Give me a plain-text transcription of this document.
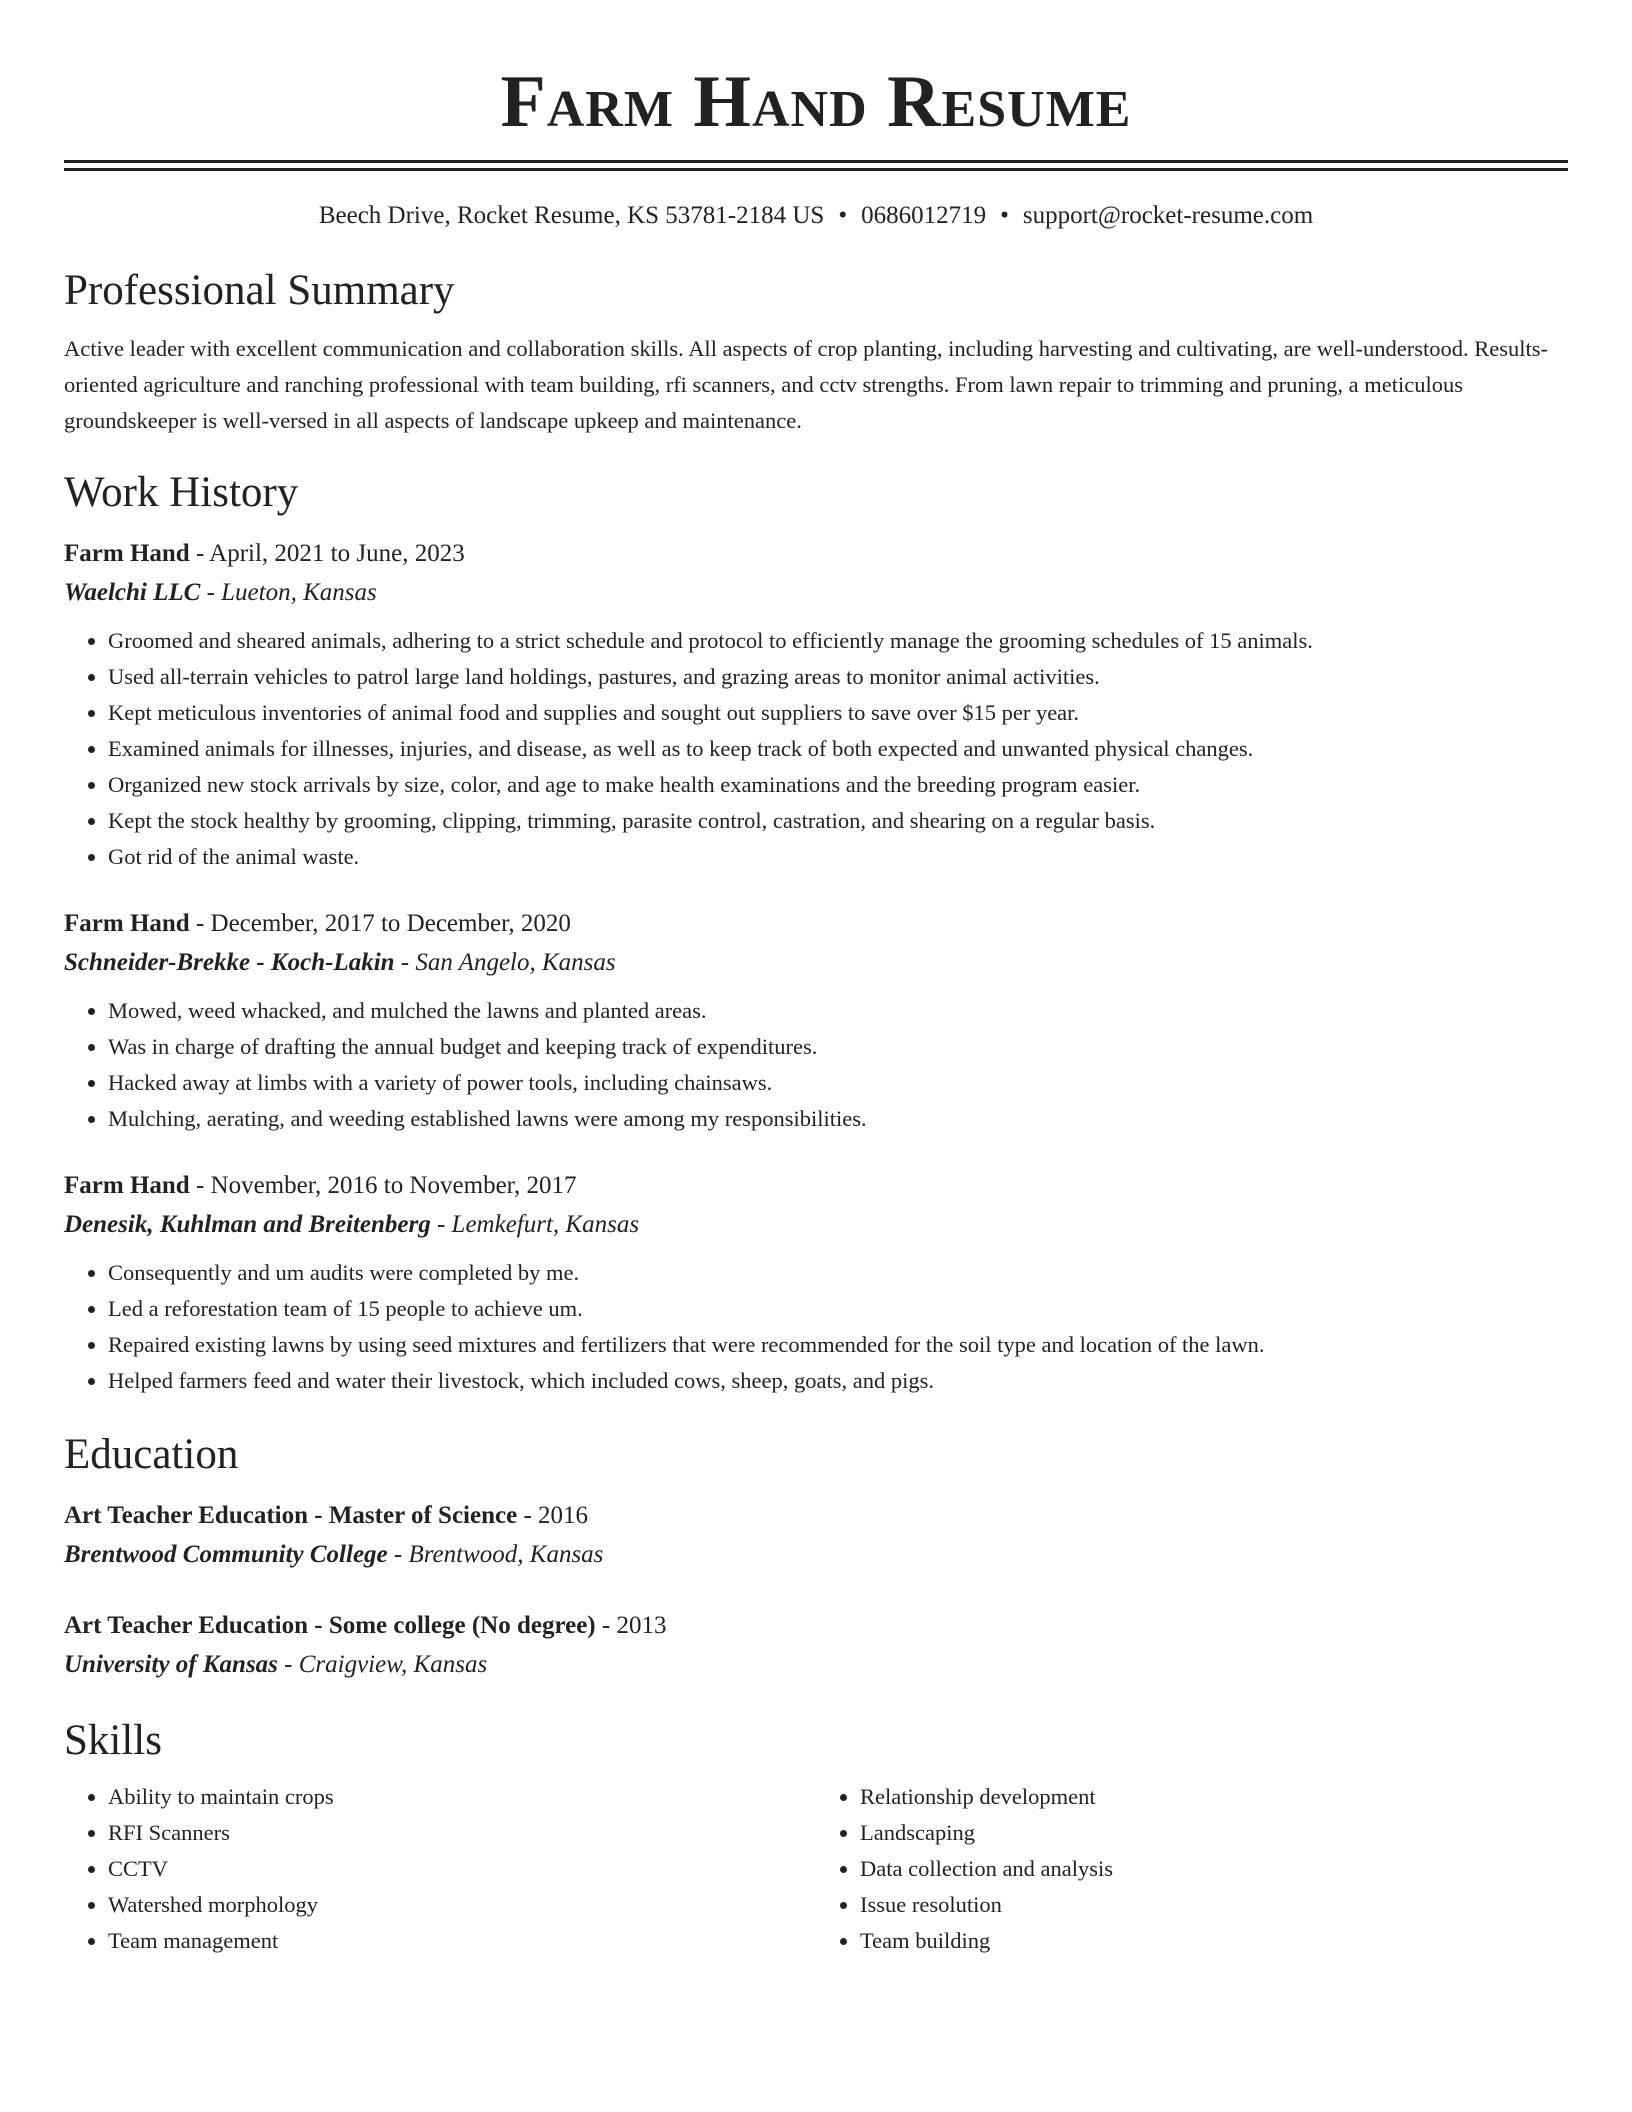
Farm Hand Resume
Beech Drive, Rocket Resume, KS 53781-2184 US • 0686012719 • support@rocket-resume.com
Professional Summary

Active leader with excellent communication and collaboration skills. All aspects of crop planting, including harvesting and cultivating, are well-understood. Results-oriented agriculture and ranching professional with team building, rfi scanners, and cctv strengths. From lawn repair to trimming and pruning, a meticulous groundskeeper is well-versed in all aspects of landscape upkeep and maintenance.

Work History
Farm Hand - April, 2021 to June, 2023
Waelchi LLC - Lueton, Kansas
• Groomed and sheared animals, adhering to a strict schedule and protocol to efficiently manage the grooming schedules of 15 animals.
• Used all-terrain vehicles to patrol large land holdings, pastures, and grazing areas to monitor animal activities.
• Kept meticulous inventories of animal food and supplies and sought out suppliers to save over $15 per year.
• Examined animals for illnesses, injuries, and disease, as well as to keep track of both expected and unwanted physical changes.
• Organized new stock arrivals by size, color, and age to make health examinations and the breeding program easier.
• Kept the stock healthy by grooming, clipping, trimming, parasite control, castration, and shearing on a regular basis.
• Got rid of the animal waste.
Farm Hand - December, 2017 to December, 2020
Schneider-Brekke - Koch-Lakin - San Angelo, Kansas
• Mowed, weed whacked, and mulched the lawns and planted areas.
• Was in charge of drafting the annual budget and keeping track of expenditures.
• Hacked away at limbs with a variety of power tools, including chainsaws.
• Mulching, aerating, and weeding established lawns were among my responsibilities.
Farm Hand - November, 2016 to November, 2017
Denesik, Kuhlman and Breitenberg - Lemkefurt, Kansas
• Consequently and um audits were completed by me.
• Led a reforestation team of 15 people to achieve um.
• Repaired existing lawns by using seed mixtures and fertilizers that were recommended for the soil type and location of the lawn.
• Helped farmers feed and water their livestock, which included cows, sheep, goats, and pigs.
Education
Art Teacher Education - Master of Science - 2016
Brentwood Community College - Brentwood, Kansas
Art Teacher Education - Some college (No degree) - 2013
University of Kansas - Craigview, Kansas
Skills
• Ability to maintain crops
• RFI Scanners
• CCTV
• Watershed morphology
• Team management
• Relationship development
• Landscaping
• Data collection and analysis
• Issue resolution
• Team building
